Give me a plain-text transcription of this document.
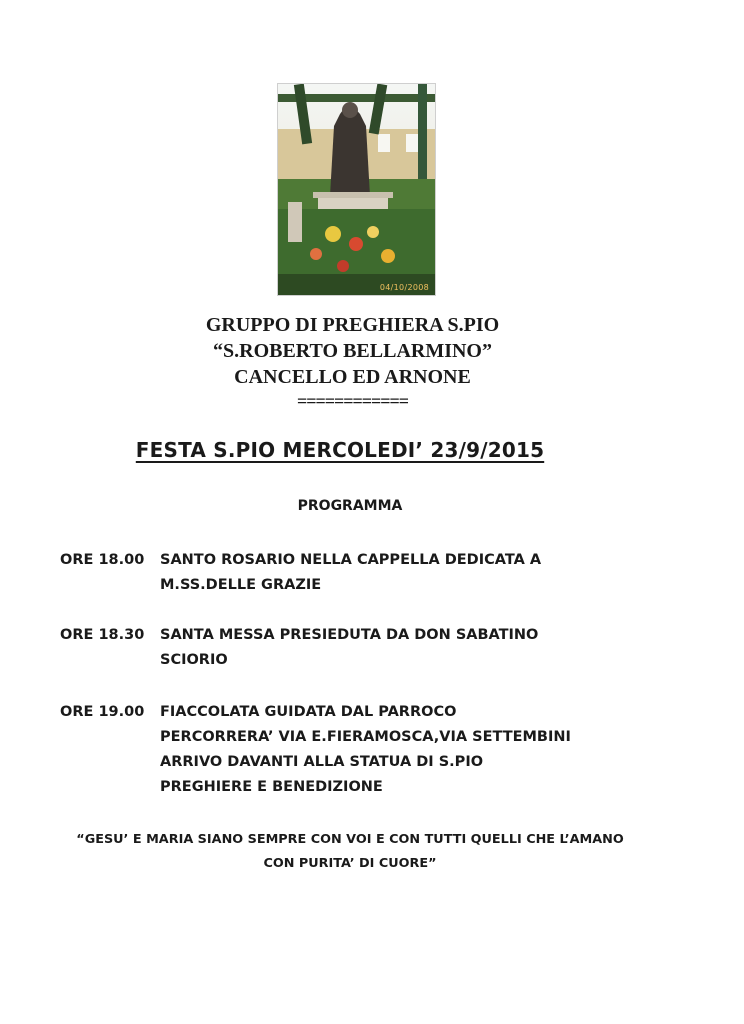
04/10/2008
GRUPPO DI PREGHIERA S.PIO
“S.ROBERTO BELLARMINO”
CANCELLO ED ARNONE
============
FESTA S.PIO MERCOLEDI’ 23/9/2015
PROGRAMMA
ORE 18.00 SANTO ROSARIO NELLA CAPPELLA DEDICATA A
M.SS.DELLE GRAZIE
ORE 18.30 SANTA MESSA PRESIEDUTA DA DON SABATINO
SCIORIO
ORE 19.00 FIACCOLATA GUIDATA DAL PARROCO
PERCORRERA’ VIA E.FIERAMOSCA,VIA SETTEMBINI
ARRIVO DAVANTI ALLA STATUA DI S.PIO
PREGHIERE E BENEDIZIONE
“GESU’ E MARIA SIANO SEMPRE CON VOI E CON TUTTI QUELLI CHE L’AMANO
CON PURITA’ DI CUORE”
